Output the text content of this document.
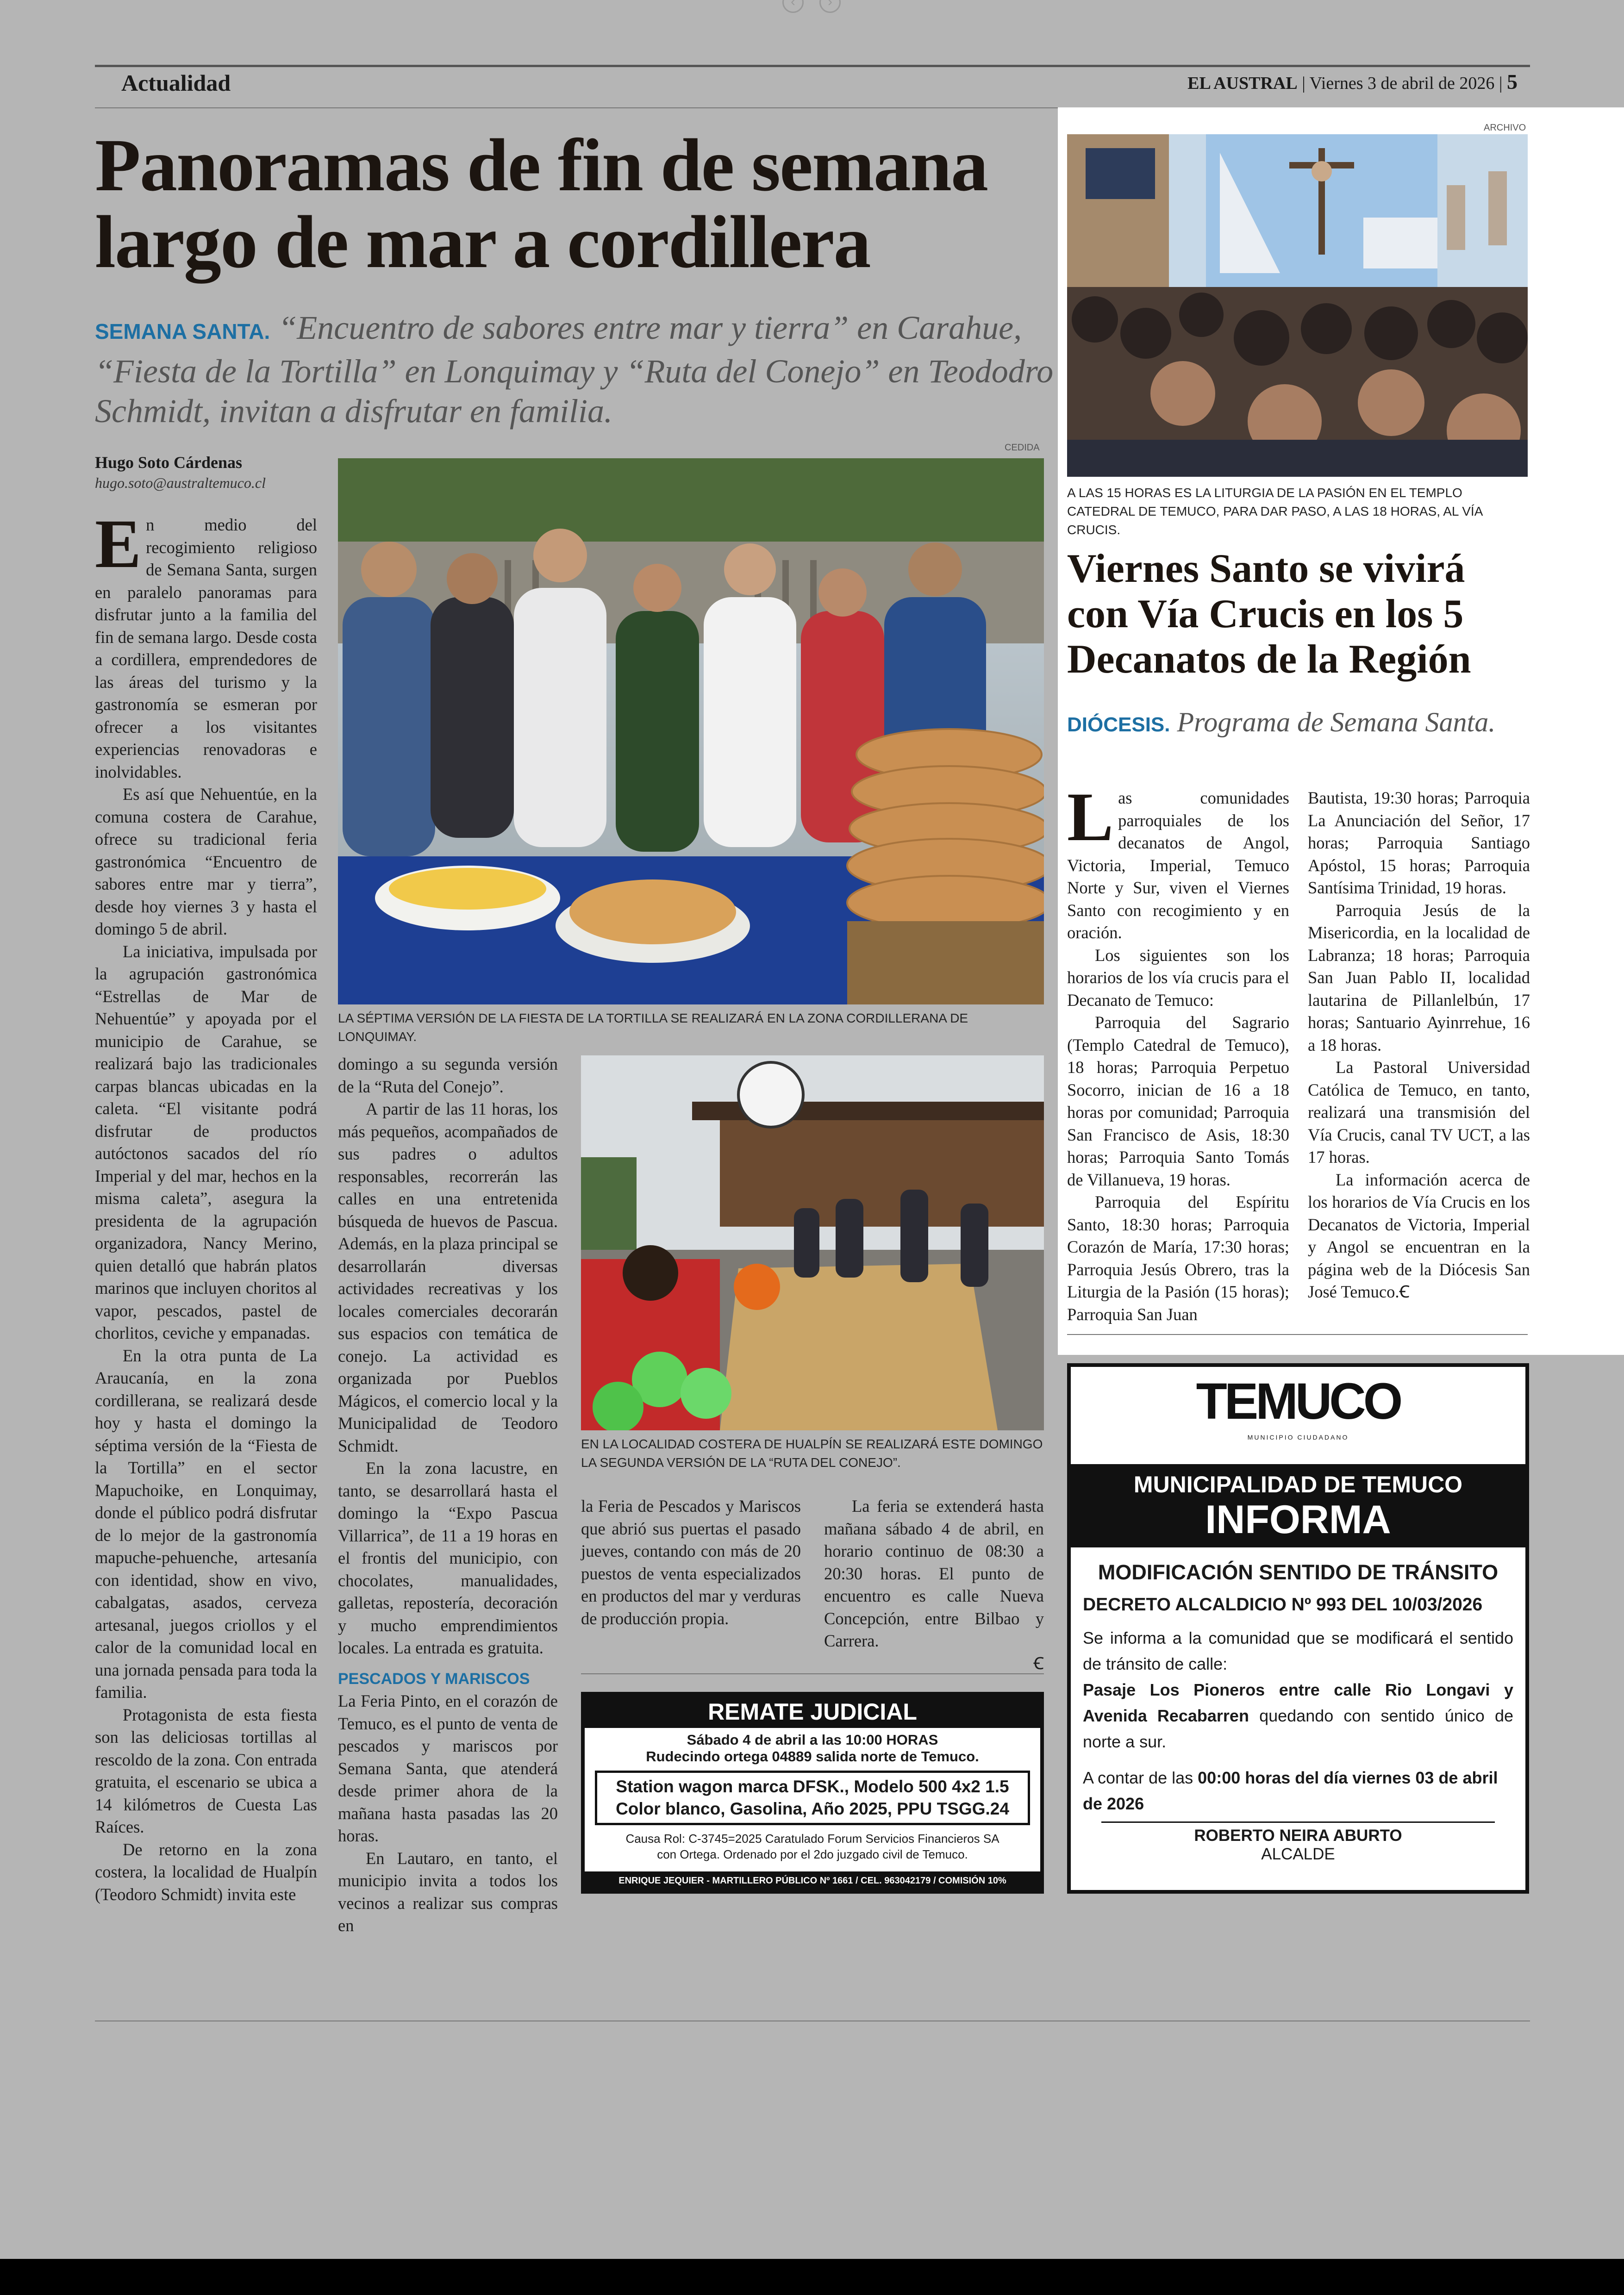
‹	›
Actualidad	EL AUSTRAL | Viernes 3 de abril de 2026 | 5
Panoramas de fin de semana
largo de mar a cordillera
SEMANA SANTA. “Encuentro de sabores entre mar y tierra” en Carahue, “Fiesta de la Tortilla” en Lonquimay y “Ruta del Conejo” en Teododro Schmidt, invitan a disfrutar en familia.
Hugo Soto Cárdenas
hugo.soto@australtemuco.cl
CEDIDA
LA SÉPTIMA VERSIÓN DE LA FIESTA DE LA TORTILLA SE REALIZARÁ EN LA ZONA CORDILLERANA DE LONQUIMAY.

En medio del recogimiento religioso de Semana Santa, surgen en paralelo panoramas para disfrutar junto a la familia del fin de semana largo. Desde costa a cordillera, emprendedores de las áreas del turismo y la gastronomía se esmeran por ofrecer a los visitantes experiencias renovadoras e inolvidables.

Es así que Nehuentúe, en la comuna costera de Carahue, ofrece su tradicional feria gastronómica “Encuentro de sabores entre mar y tierra”, desde hoy viernes 3 y hasta el domingo 5 de abril.

La iniciativa, impulsada por la agrupación gastronómica “Estrellas de Mar de Nehuentúe” y apoyada por el municipio de Carahue, se realizará bajo las tradicionales carpas blancas ubicadas en la caleta. “El visitante podrá disfrutar de productos autóctonos sacados del río Imperial y del mar, hechos en la misma caleta”, asegura la presidenta de la agrupación organizadora, Nancy Merino, quien detalló que habrán platos marinos que incluyen choritos al vapor, pescados, pastel de chorlitos, ceviche y empanadas.

En la otra punta de La Araucanía, en la zona cordillerana, se realizará desde hoy y hasta el domingo la séptima versión de la “Fiesta de la Tortilla” en el sector Mapuchoike, en Lonquimay, donde el público podrá disfrutar de lo mejor de la gastronomía mapuche-pehuenche, artesanía con identidad, show en vivo, cabalgatas, asados, cerveza artesanal, juegos criollos y el calor de la comunidad local en una jornada pensada para toda la familia.

Protagonista de esta fiesta son las deliciosas tortillas al rescoldo de la zona. Con entrada gratuita, el escenario se ubica a 14 kilómetros de Cuesta Las Raíces.

De retorno en la zona costera, la localidad de Hualpín (Teodoro Schmidt) invita este

domingo a su segunda versión de la “Ruta del Conejo”.

A partir de las 11 horas, los más pequeños, acompañados de sus padres o adultos responsables, recorrerán las calles en una entretenida búsqueda de huevos de Pascua. Además, en la plaza principal se desarrollarán diversas actividades recreativas y los locales comerciales decorarán sus espacios con temática de conejo. La actividad es organizada por Pueblos Mágicos, el comercio local y la Municipalidad de Teodoro Schmidt.

En la zona lacustre, en tanto, se desarrollará hasta el domingo la “Expo Pascua Villarrica”, de 11 a 19 horas en el frontis del municipio, con chocolates, manualidades, galletas, repostería, decoración y mucho emprendimientos locales. La entrada es gratuita.

PESCADOS Y MARISCOS

La Feria Pinto, en el corazón de Temuco, es el punto de venta de pescados y mariscos por Semana Santa, que atenderá desde primer ahora de la mañana hasta pasadas las 20 horas.

En Lautaro, en tanto, el municipio invita a todos los vecinos a realizar sus compras en

EN LA LOCALIDAD COSTERA DE HUALPÍN SE REALIZARÁ ESTE DOMINGO LA SEGUNDA VERSIÓN DE LA “RUTA DEL CONEJO”.

la Feria de Pescados y Mariscos que abrió sus puertas el pasado jueves, contando con más de 20 puestos de venta especializados en productos del mar y verduras de producción propia.

La feria se extenderá hasta mañana sábado 4 de abril, en horario continuo de 08:30 a 20:30 horas. El punto de encuentro es calle Nueva Concepción, entre Bilbao y Carrera.

Ꞓ
REMATE JUDICIAL
Sábado 4 de abril a las 10:00 HORAS
Rudecindo ortega 04889 salida norte de Temuco.
Station wagon marca DFSK., Modelo 500 4x2 1.5
Color blanco, Gasolina, Año 2025, PPU TSGG.24
Causa Rol: C-3745=2025 Caratulado Forum Servicios Financieros SA
con Ortega. Ordenado por el 2do juzgado civil de Temuco.
ENRIQUE JEQUIER - MARTILLERO PÚBLICO Nº 1661 / CEL. 963042179 / COMISIÓN 10%
ARCHIVO
A LAS 15 HORAS ES LA LITURGIA DE LA PASIÓN EN EL TEMPLO CATEDRAL DE TEMUCO, PARA DAR PASO, A LAS 18 HORAS, AL VÍA CRUCIS.
Viernes Santo se vivirá con Vía Crucis en los 5 Decanatos de la Región
DIÓCESIS. Programa de Semana Santa.

Las comunidades parroquiales de los decanatos de Angol, Victoria, Imperial, Temuco Norte y Sur, viven el Viernes Santo con recogimiento y en oración.

Los siguientes son los horarios de los vía crucis para el Decanato de Temuco:

Parroquia del Sagrario (Templo Catedral de Temuco), 18 horas; Parroquia Perpetuo Socorro, inician de 16 a 18 horas por comunidad; Parroquia San Francisco de Asis, 18:30 horas; Parroquia Santo Tomás de Villanueva, 19 horas.

Parroquia del Espíritu Santo, 18:30 horas; Parroquia Corazón de María, 17:30 horas; Parroquia Jesús Obrero, tras la Liturgia de la Pasión (15 horas); Parroquia San Juan

Bautista, 19:30 horas; Parroquia La Anunciación del Señor, 17 horas; Parroquia Santiago Apóstol, 15 horas; Parroquia Santísima Trinidad, 19 horas.

Parroquia Jesús de la Misericordia, en la localidad de Labranza; 18 horas; Parroquia San Juan Pablo II, localidad lautarina de Pillanlelbún, 17 horas; Santuario Ayinrrehue, 16 a 18 horas.

La Pastoral Universidad Católica de Temuco, en tanto, realizará una transmisión del Vía Crucis, canal TV UCT, a las 17 horas.

La información acerca de los horarios de Vía Crucis en los Decanatos de Victoria, Imperial y Angol se encuentran en la página web de la Diócesis San José Temuco.Ꞓ

TEMUCO
MUNICIPIO CIUDADANO
MUNICIPALIDAD DE TEMUCO
INFORMA
MODIFICACIÓN SENTIDO DE TRÁNSITO
DECRETO ALCALDICIO Nº 993 DEL 10/03/2026
Se informa a la comunidad que se modificará el sentido de tránsito de calle:
Pasaje Los Pioneros entre calle Rio Longavi y Avenida Recabarren quedando con sentido único de norte a sur.
A contar de las 00:00 horas del día viernes 03 de abril de 2026
ROBERTO NEIRA ABURTO
ALCALDE
